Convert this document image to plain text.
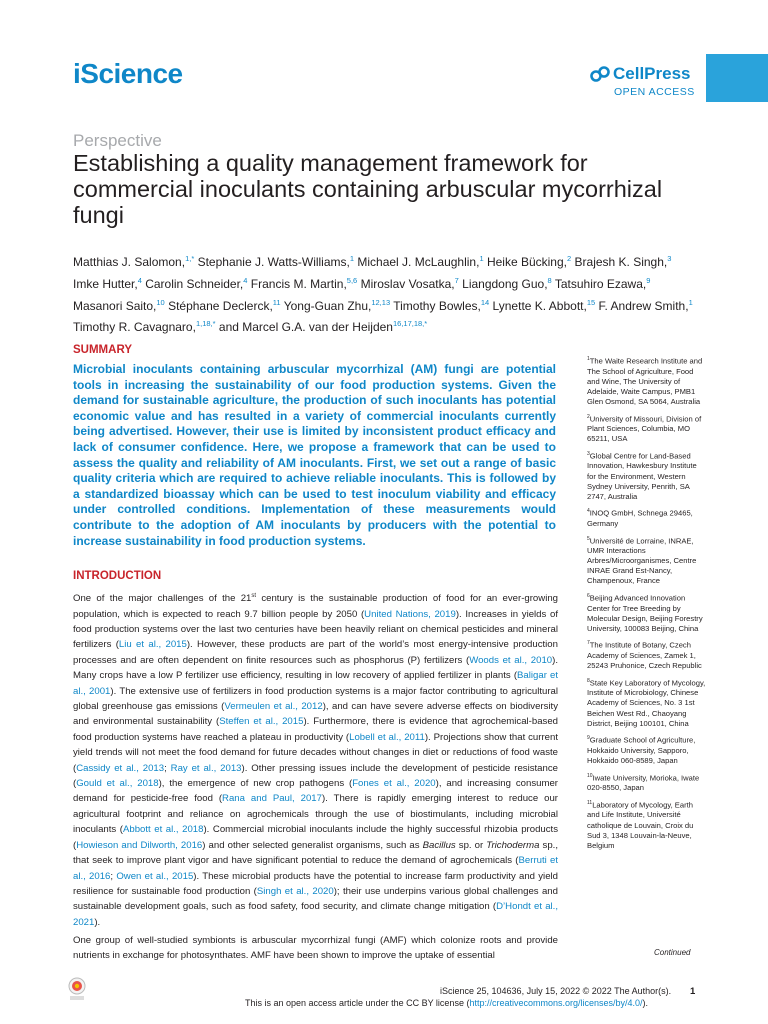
iScience	CellPress
OPEN ACCESS
Perspective
Establishing a quality management framework for commercial inoculants containing arbuscular mycorrhizal fungi
Matthias J. Salomon,$^{1,*}$ Stephanie J. Watts-Williams,$^1$ Michael J. McLaughlin,$^1$ Heike Bücking,$^2$ Brajesh K. Singh,$^3$ Imke Hutter,$^4$ Carolin Schneider,$^4$ Francis M. Martin,$^{5,6}$ Miroslav Vosatka,$^7$ Liangdong Guo,$^8$ Tatsuhiro Ezawa,$^9$ Masanori Saito,$^{10}$ Stéphane Declerck,$^{11}$ Yong-Guan Zhu,$^{12,13}$ Timothy Bowles,$^{14}$ Lynette K. Abbott,$^{15}$ F. Andrew Smith,$^1$ Timothy R. Cavagnaro,$^{1,18,*}$ and Marcel G.A. van der Heijden$^{16,17,18,*}$
SUMMARY
Microbial inoculants containing arbuscular mycorrhizal (AM) fungi are potential tools in increasing the sustainability of our food production systems. Given the demand for sustainable agriculture, the production of such inoculants has potential economic value and has resulted in a variety of commercial inoculants currently being advertised. However, their use is limited by inconsistent product efficacy and lack of consumer confidence. Here, we propose a framework that can be used to assess the quality and reliability of AM inoculants. First, we set out a range of basic quality criteria which are required to achieve reliable inoculants. This is followed by a standardized bioassay which can be used to test inoculum viability and efficacy under controlled conditions. Implementation of these measurements would contribute to the adoption of AM inoculants by producers with the potential to increase sustainability in food production systems.
INTRODUCTION
One of the major challenges of the 21st century is the sustainable production of food for an ever-growing population, which is expected to reach 9.7 billion people by 2050 (United Nations, 2019). Increases in yields of food production systems over the last two centuries have been heavily reliant on chemical pesticides and mineral fertilizers (Liu et al., 2015). However, these products are part of the world’s most energy-intensive production processes and are often dependent on finite resources such as phosphorus (P) fertilizers (Woods et al., 2010). Many crops have a low P fertilizer use efficiency, resulting in low recovery of applied fertilizer in plants (Baligar et al., 2001). The extensive use of fertilizers in food production systems is a major factor contributing to agricultural global greenhouse gas emissions (Vermeulen et al., 2012), and can have severe adverse effects on biodiversity and environmental sustainability (Steffen et al., 2015). Furthermore, there is evidence that agrochemical-based food production systems have reached a plateau in productivity (Lobell et al., 2011). Projections show that current yield trends will not meet the food demand for future decades without changes in diet or reductions of food waste (Cassidy et al., 2013; Ray et al., 2013). Other pressing issues include the development of pesticide resistance (Gould et al., 2018), the emergence of new crop pathogens (Fones et al., 2020), and increasing consumer demand for pesticide-free food (Rana and Paul, 2017). There is rapidly emerging interest to reduce our agricultural footprint and reliance on agrochemicals through the use of biostimulants, including microbial inoculants (Abbott et al., 2018). Commercial microbial inoculants include the highly successful rhizobia products (Howieson and Dilworth, 2016) and other selected generalist organisms, such as Bacillus sp. or Trichoderma sp., that seek to improve plant vigor and have significant potential to reduce the demand of agrochemicals (Berruti et al., 2016; Owen et al., 2015). These microbial products have the potential to increase farm productivity and yield resilience for sustainable food production (Singh et al., 2020); their use underpins various global challenges and sustainable development goals, such as food safety, food security, and climate change mitigation (D’Hondt et al., 2021).
One group of well-studied symbionts is arbuscular mycorrhizal fungi (AMF) which colonize roots and provide nutrients in exchange for photosynthates. AMF have been shown to improve the uptake of essential

$^1$The Waite Research Institute and The School of Agriculture, Food and Wine, The University of Adelaide, Waite Campus, PMB1 Glen Osmond, SA 5064, Australia

$^2$University of Missouri, Division of Plant Sciences, Columbia, MO 65211, USA

$^3$Global Centre for Land-Based Innovation, Hawkesbury Institute for the Environment, Western Sydney University, Penrith, SA 2747, Australia

$^4$INOQ GmbH, Schnega 29465, Germany

$^5$Université de Lorraine, INRAE, UMR Interactions Arbres/Microorganismes, Centre INRAE Grand Est-Nancy, Champenoux, France

$^6$Beijing Advanced Innovation Center for Tree Breeding by Molecular Design, Beijing Forestry University, 100083 Beijing, China

$^7$The Institute of Botany, Czech Academy of Sciences, Zamek 1, 25243 Pruhonice, Czech Republic

$^8$State Key Laboratory of Mycology, Institute of Microbiology, Chinese Academy of Sciences, No. 3 1st Beichen West Rd., Chaoyang District, Beijing 100101, China

$^9$Graduate School of Agriculture, Hokkaido University, Sapporo, Hokkaido 060-8589, Japan

$^{10}$Iwate University, Morioka, Iwate 020-8550, Japan

$^{11}$Laboratory of Mycology, Earth and Life Institute, Université catholique de Louvain, Croix du Sud 3, 1348 Louvain-la-Neuve, Belgium

Continued
iScience 25, 104636, July 15, 2022 © 2022 The Author(s).
This is an open access article under the CC BY license (http://creativecommons.org/licenses/by/4.0/).
1
